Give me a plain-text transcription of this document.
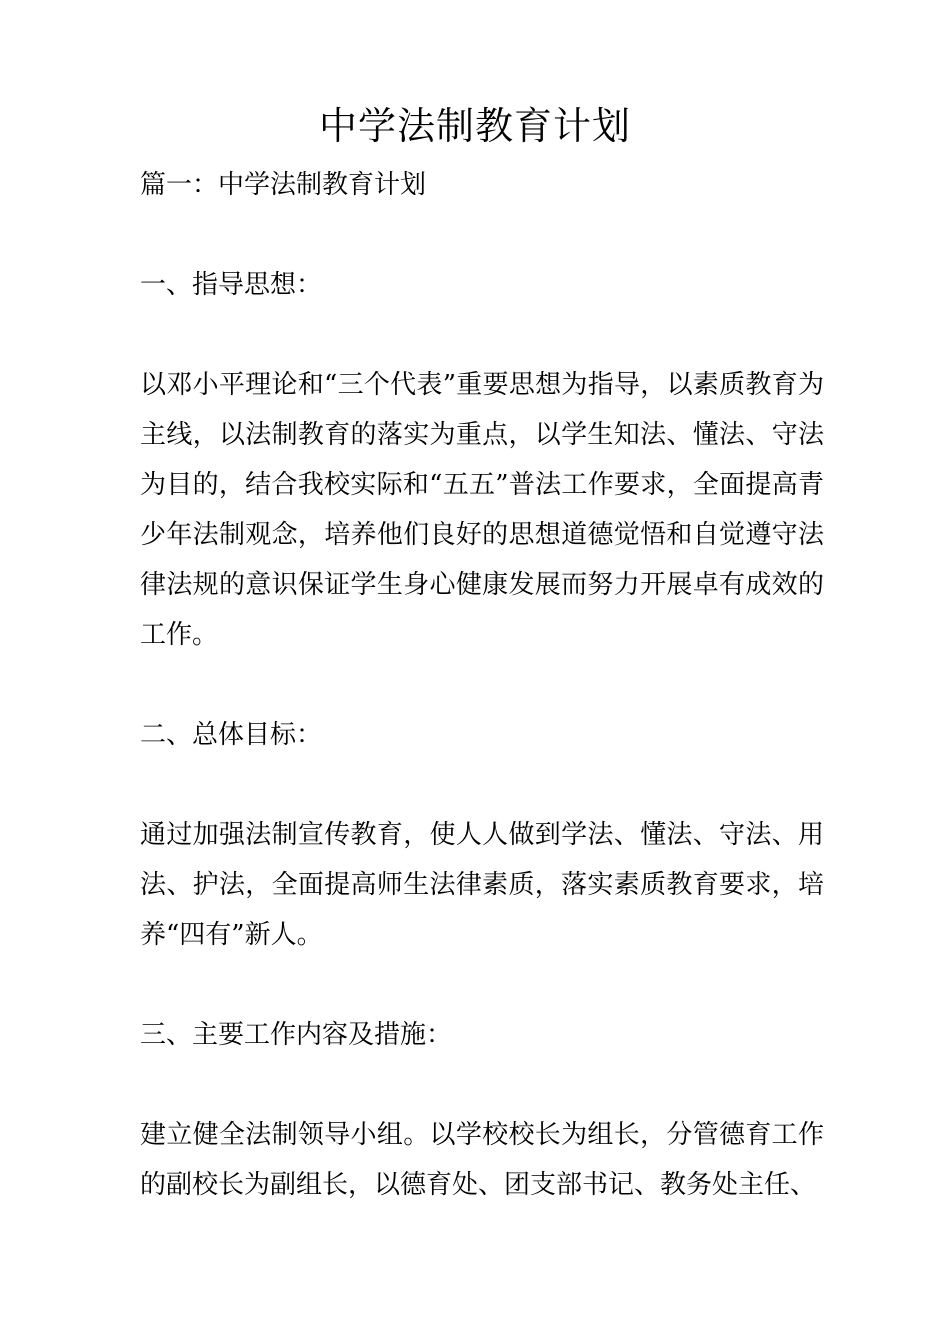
中学法制教育计划

篇一：中学法制教育计划

一、指导思想：

以邓小平理论和“三个代表”重要思想为指导，以素质教育为主线，以法制教育的落实为重点，以学生知法、懂法、守法为目的，结合我校实际和“五五”普法工作要求，全面提高青少年法制观念，培养他们良好的思想道德觉悟和自觉遵守法律法规的意识保证学生身心健康发展而努力开展卓有成效的工作。

二、总体目标：

通过加强法制宣传教育，使人人做到学法、懂法、守法、用法、护法，全面提高师生法律素质，落实素质教育要求，培养“四有”新人。

三、主要工作内容及措施：

建立健全法制领导小组。以学校校长为组长，分管德育工作的副校长为副组长，以德育处、团支部书记、教务处主任、
